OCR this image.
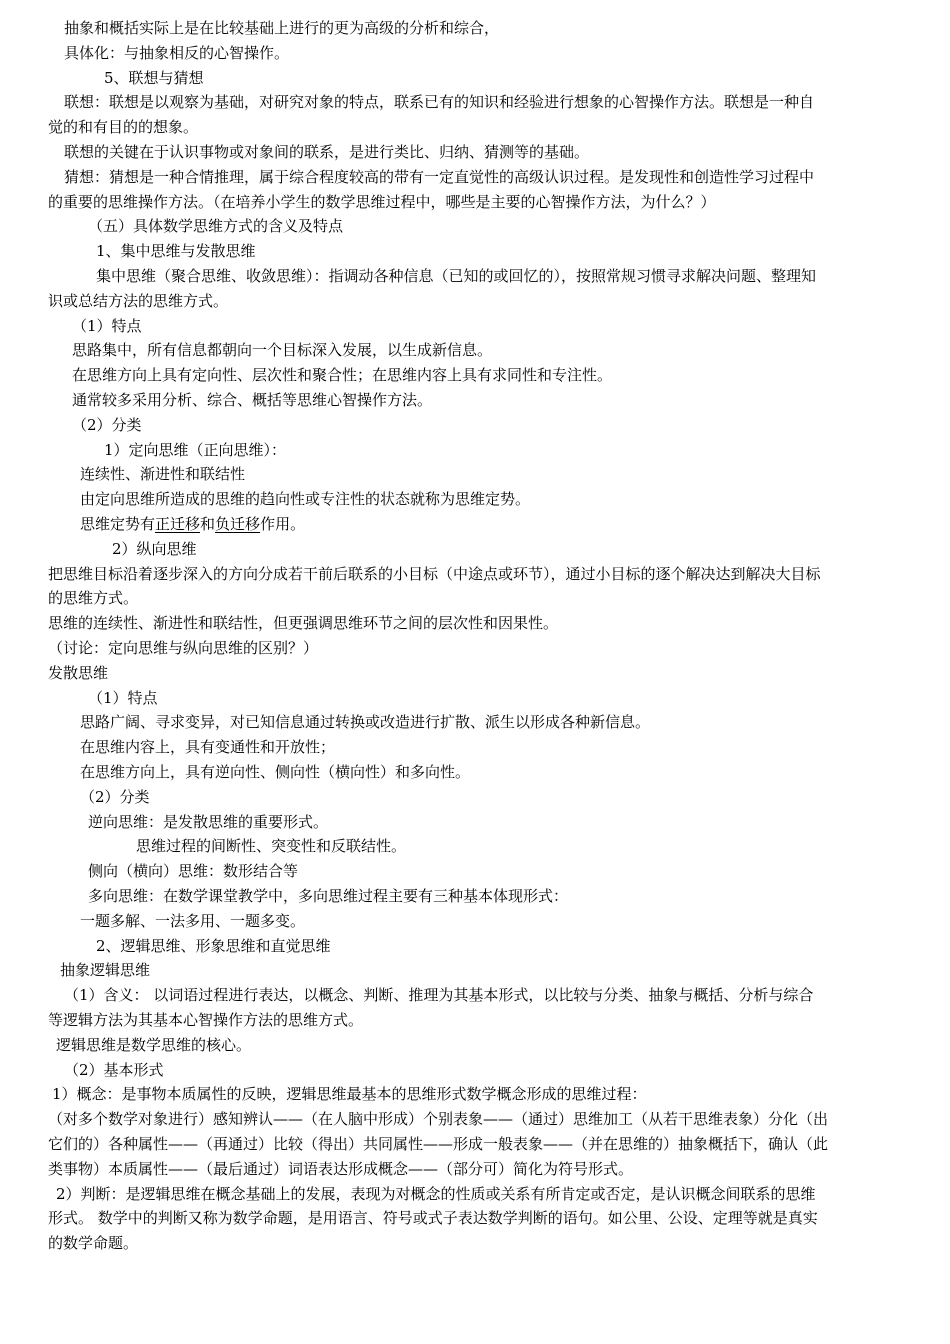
抽象和概括实际上是在比较基础上进行的更为高级的分析和综合，
具体化：与抽象相反的心智操作。
5、联想与猜想
联想：联想是以观察为基础，对研究对象的特点，联系已有的知识和经验进行想象的心智操作方法。联想是一种自
觉的和有目的的想象。
联想的关键在于认识事物或对象间的联系，是进行类比、归纳、猜测等的基础。
猜想：猜想是一种合情推理，属于综合程度较高的带有一定直觉性的高级认识过程。是发现性和创造性学习过程中
的重要的思维操作方法。（在培养小学生的数学思维过程中，哪些是主要的心智操作方法，为什么？）
（五）具体数学思维方式的含义及特点
1、集中思维与发散思维
集中思维（聚合思维、收敛思维）：指调动各种信息（已知的或回忆的），按照常规习惯寻求解决问题、整理知
识或总结方法的思维方式。
（1）特点
思路集中，所有信息都朝向一个目标深入发展，以生成新信息。
在思维方向上具有定向性、层次性和聚合性；在思维内容上具有求同性和专注性。
通常较多采用分析、综合、概括等思维心智操作方法。
（2）分类
1）定向思维（正向思维）：
连续性、渐进性和联结性
由定向思维所造成的思维的趋向性或专注性的状态就称为思维定势。
思维定势有正迁移和负迁移作用。
2）纵向思维
把思维目标沿着逐步深入的方向分成若干前后联系的小目标（中途点或环节），通过小目标的逐个解决达到解决大目标
的思维方式。
思维的连续性、渐进性和联结性，但更强调思维环节之间的层次性和因果性。
（讨论：定向思维与纵向思维的区别？）
发散思维
（1）特点
思路广阔、寻求变异，对已知信息通过转换或改造进行扩散、派生以形成各种新信息。
在思维内容上，具有变通性和开放性；
在思维方向上，具有逆向性、侧向性（横向性）和多向性。
（2）分类
逆向思维：是发散思维的重要形式。
思维过程的间断性、突变性和反联结性。
侧向（横向）思维：数形结合等
多向思维：在数学课堂教学中，多向思维过程主要有三种基本体现形式：
一题多解、一法多用、一题多变。
2、逻辑思维、形象思维和直觉思维
抽象逻辑思维
（1）含义： 以词语过程进行表达，以概念、判断、推理为其基本形式，以比较与分类、抽象与概括、分析与综合
等逻辑方法为其基本心智操作方法的思维方式。
逻辑思维是数学思维的核心。
（2）基本形式
1）概念：是事物本质属性的反映，逻辑思维最基本的思维形式数学概念形成的思维过程：
（对多个数学对象进行）感知辨认——（在人脑中形成）个别表象——（通过）思维加工（从若干思维表象）分化（出
它们的）各种属性——（再通过）比较（得出）共同属性——形成一般表象——（并在思维的）抽象概括下，确认（此
类事物）本质属性——（最后通过）词语表达形成概念——（部分可）简化为符号形式。
2）判断：是逻辑思维在概念基础上的发展，表现为对概念的性质或关系有所肯定或否定，是认识概念间联系的思维
形式。 数学中的判断又称为数学命题，是用语言、符号或式子表达数学判断的语句。如公里、公设、定理等就是真实
的数学命题。
